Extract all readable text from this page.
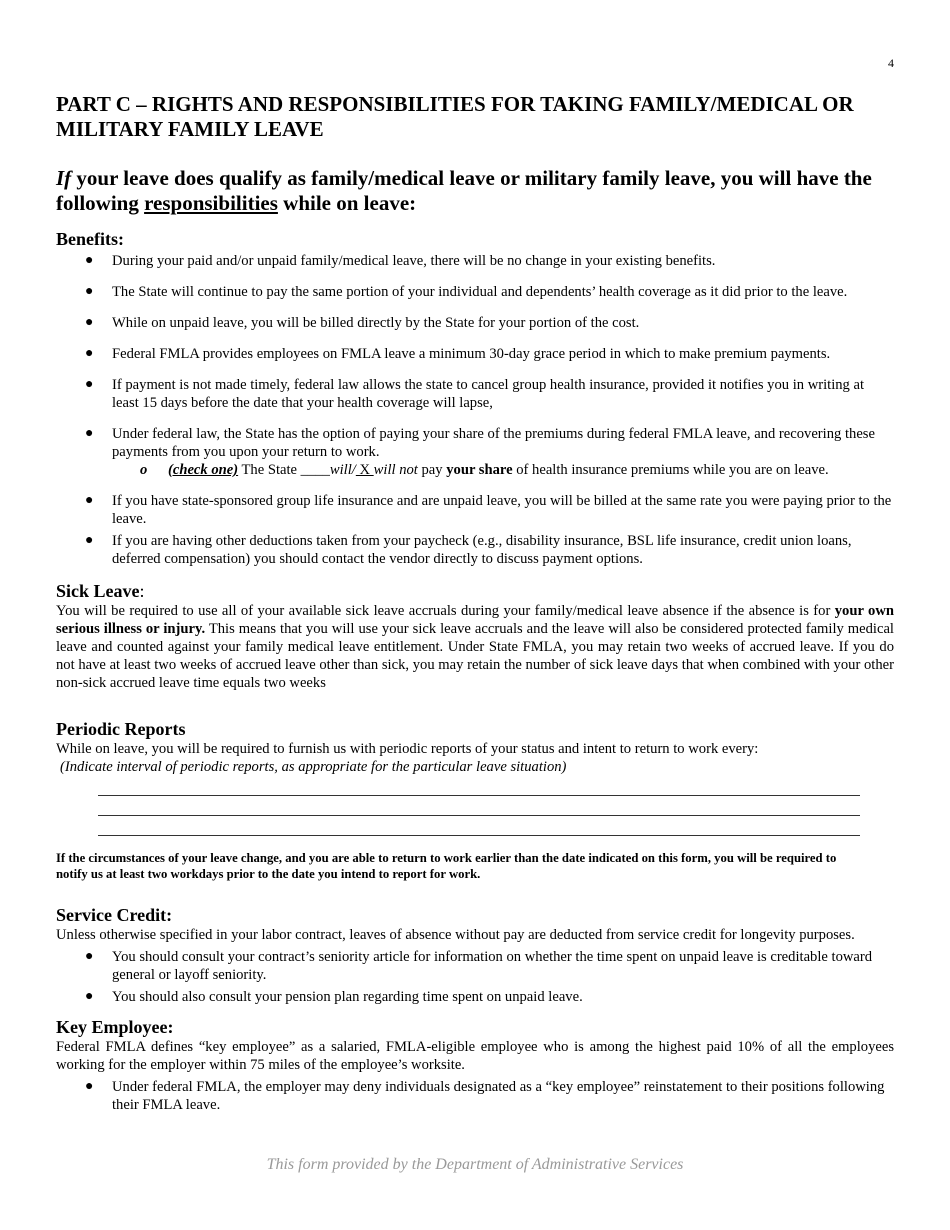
4
PART C – RIGHTS AND RESPONSIBILITIES FOR TAKING FAMILY/MEDICAL OR MILITARY FAMILY LEAVE
If your leave does qualify as family/medical leave or military family leave, you will have the following responsibilities while on leave:
Benefits:
● During your paid and/or unpaid family/medical leave, there will be no change in your existing benefits.
● The State will continue to pay the same portion of your individual and dependents’ health coverage as it did prior to the leave.
● While on unpaid leave, you will be billed directly by the State for your portion of the cost.
● Federal FMLA provides employees on FMLA leave a minimum 30-day grace period in which to make premium payments.
● If payment is not made timely, federal law allows the state to cancel group health insurance, provided it notifies you in writing at least 15 days before the date that your health coverage will lapse,
● Under federal law, the State has the option of paying your share of the premiums during federal FMLA leave, and recovering these payments from you upon your return to work.
o (check one) The State ____will/ X will not pay your share of health insurance premiums while you are on leave.
● If you have state-sponsored group life insurance and are unpaid leave, you will be billed at the same rate you were paying prior to the leave.
● If you are having other deductions taken from your paycheck (e.g., disability insurance, BSL life insurance, credit union loans, deferred compensation) you should contact the vendor directly to discuss payment options.
Sick Leave:

You will be required to use all of your available sick leave accruals during your family/medical leave absence if the absence is for your own serious illness or injury. This means that you will use your sick leave accruals and the leave will also be considered protected family medical leave and counted against your family medical leave entitlement. Under State FMLA, you may retain two weeks of accrued leave. If you do not have at least two weeks of accrued leave other than sick, you may retain the number of sick leave days that when combined with your other non-sick accrued leave time equals two weeks

Periodic Reports

While on leave, you will be required to furnish us with periodic reports of your status and intent to return to work every:

(Indicate interval of periodic reports, as appropriate for the particular leave situation)

If the circumstances of your leave change, and you are able to return to work earlier than the date indicated on this form, you will be required to notify us at least two workdays prior to the date you intend to report for work.
Service Credit:

Unless otherwise specified in your labor contract, leaves of absence without pay are deducted from service credit for longevity purposes.

● You should consult your contract’s seniority article for information on whether the time spent on unpaid leave is creditable toward general or layoff seniority.
● You should also consult your pension plan regarding time spent on unpaid leave.
Key Employee:

Federal FMLA defines “key employee” as a salaried, FMLA-eligible employee who is among the highest paid 10% of all the employees working for the employer within 75 miles of the employee’s worksite.

● Under federal FMLA, the employer may deny individuals designated as a “key employee” reinstatement to their positions following their FMLA leave.
This form provided by the Department of Administrative Services
